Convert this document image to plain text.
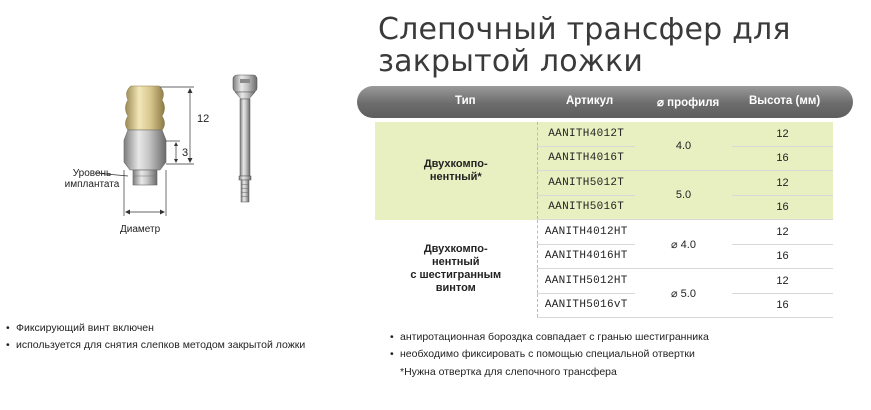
Слепочный трансфер для
закрытой ложки
12
3
Уровень
имплантата
Диаметр
Тип	Артикул	⌀ профиля	Высота (мм)
Двухкомпо-
нентный*	AANITH4012T	4.0	12
	AANITH4016T		16
	AANITH5012T	5.0	12
	AANITH5016T		16
Двухкомпо-
нентный
с шестигранным
винтом	AANITH4012HT	⌀ 4.0	12
	AANITH4016HT		16
	AANITH5012HT	⌀ 5.0	12
	AANITH5016vT		16
• Фиксирующий винт включен
• используется для снятия слепков методом закрытой ложки
• антиротационная бороздка совпадает с гранью шестигранника
• необходимо фиксировать с помощью специальной отвертки
*Нужна отвертка для слепочного трансфера
